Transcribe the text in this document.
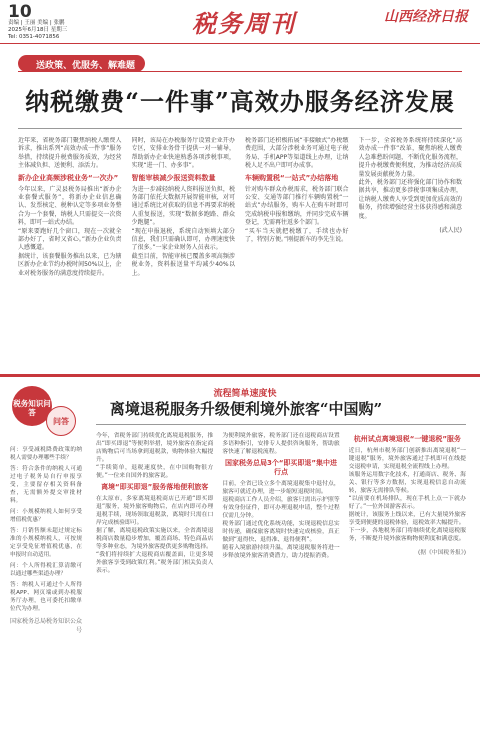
10
责编 | 王丽 美编 | 张鹏
2025年6月18日 星期三
Tel: 0351-4071856	税务周刊	山西经济日报
送政策、优服务、解难题
纳税缴费“一件事”高效办服务经济发展

近年来，省税务部门聚焦纳税人缴费人诉求，推出系列“高效办成一件事”服务举措，持续提升税费服务质效，为经营主体减负担、送便利、添活力。

新办企业高频涉税业务“一次办”

今年以来，广灵县税务局推出“新办企业套餐式服务”，将新办企业信息确认、发票核定、税种认定等多项业务整合为一个套餐，纳税人只需提交一次资料，即可一站式办结。

“原来要跑好几个窗口，现在一次就全部办好了，省时又省心。”新办企业负责人感慨道。

据统计，该套餐服务推出以来，已为辖区新办企业节约办税时间50%以上，企业对税务服务的满意度持续提升。

同时，该局在办税服务厅设置企业开办专区，安排业务骨干提供一对一辅导，帮助新办企业快速熟悉各项涉税事项，实现“进一门、办多事”。

智能审核减少报送资料数量

为进一步减轻纳税人资料报送负担，税务部门依托大数据开展智能审核，对可通过系统比对获取的信息不再要求纳税人重复报送，实现“数据多跑路、群众少跑腿”。

“现在申报退税，系统自动预填大部分信息，我们只需确认即可，办理速度快了很多。”一家企业财务人员表示。

截至目前，智能审核已覆盖多项高频涉税业务，资料报送量平均减少40%以上。

税务部门还积极拓展“非接触式”办税缴费范围，大部分涉税业务可通过电子税务局、手机APP等渠道线上办理，让纳税人足不出户即可办成事。

车辆购置税“一站式”办结落地

针对购车群众办税需求，税务部门联合公安、交通等部门推行车辆购置税“一站式”办结服务，购车人在购车时即可完成纳税申报和缴纳，并同步完成车辆登记，无需再往返多个部门。

“买车当天就把税缴了，手续也办好了，特别方便。”刚提新车的李先生说。

下一步，全省税务系统将持续深化“高效办成一件事”改革，聚焦纳税人缴费人急难愁盼问题，不断优化服务流程，提升办税缴费便利度，为推动经济高质量发展贡献税务力量。

此外，税务部门还将强化部门协作和数据共享，推动更多涉税事项集成办理，让纳税人缴费人享受到更加优质高效的服务，持续增强经营主体获得感和满意度。

(武人民)
税务知识问答
问答

问：享受减税降费政策的纳税人需要办理哪些手续？

答：符合条件的纳税人可通过电子税务局自行申报享受，主要留存相关资料备查，无需额外提交审批材料。

问：小规模纳税人如何享受增值税优惠？

答：月销售额未超过规定标准的小规模纳税人，可按规定享受免征增值税优惠，在申报时自动适用。

问：个人所得税汇算清缴可以通过哪些渠道办理？

答：纳税人可通过个人所得税APP、网页端或到办税服务厅办理，也可委托扣缴单位代为办理。

国家税务总局税务知识公众号
流程简单速度快
离境退税服务升级便利境外旅客“中国购”

今年，省税务部门持续优化离境退税服务，推出“即买即退”等便利举措，境外旅客在指定商店购物后可当场拿到退税款，购物体验大幅提升。

“手续简单，退税速度快，在中国购物很方便。”一位来自国外的旅客说。

离境“即买即退”服务落地便利旅客

在太原市，多家离境退税商店已开通“即买即退”服务，境外旅客购物后，在店内即可办理退税手续，现场领取退税款，离境时只需在口岸完成核验即可。

据了解，离境退税政策实施以来，全省离境退税商店数量稳步增加，覆盖商场、特色商品店等多种业态，为境外旅客提供更多购物选择。

“我们将持续扩大退税商店覆盖面，让更多境外旅客享受到政策红利。”税务部门相关负责人表示。

为便利境外旅客，税务部门还在退税商店设置多语种指引，安排专人提供咨询服务，帮助旅客快速了解退税流程。

国家税务总局3个“即买即退”集中进行点

目前，全省已设立多个离境退税集中退付点，旅客可就近办理，进一步缩短退税时间。

退税商店工作人员介绍，旅客只需出示护照等有效身份证件，即可办理退税申请，整个过程仅需几分钟。

税务部门通过优化系统功能，实现退税信息实时传递，确保旅客离境时快速完成核验，真正做到“退得快、退得准、退得便利”。

随着入境旅游持续升温，离境退税服务将进一步释放境外旅客消费潜力，助力提振消费。

杭州试点离境退税“一键退税”服务

近日，杭州市税务部门创新推出离境退税“一键退税”服务，境外旅客通过手机即可在线提交退税申请，实现退税全流程线上办理。

该服务运用数字化技术，打通商店、税务、海关、银行等多方数据，实现退税信息自动流转，旅客无需排队等候。

“以前要在机场排队，现在手机上点一下就办好了。”一位外国游客表示。

据统计，该服务上线以来，已有大量境外旅客享受到便捷的退税体验，退税效率大幅提升。

下一步，各地税务部门将继续优化离境退税服务，不断提升境外旅客购物便利度和满意度。

(据《中国税务报》)
